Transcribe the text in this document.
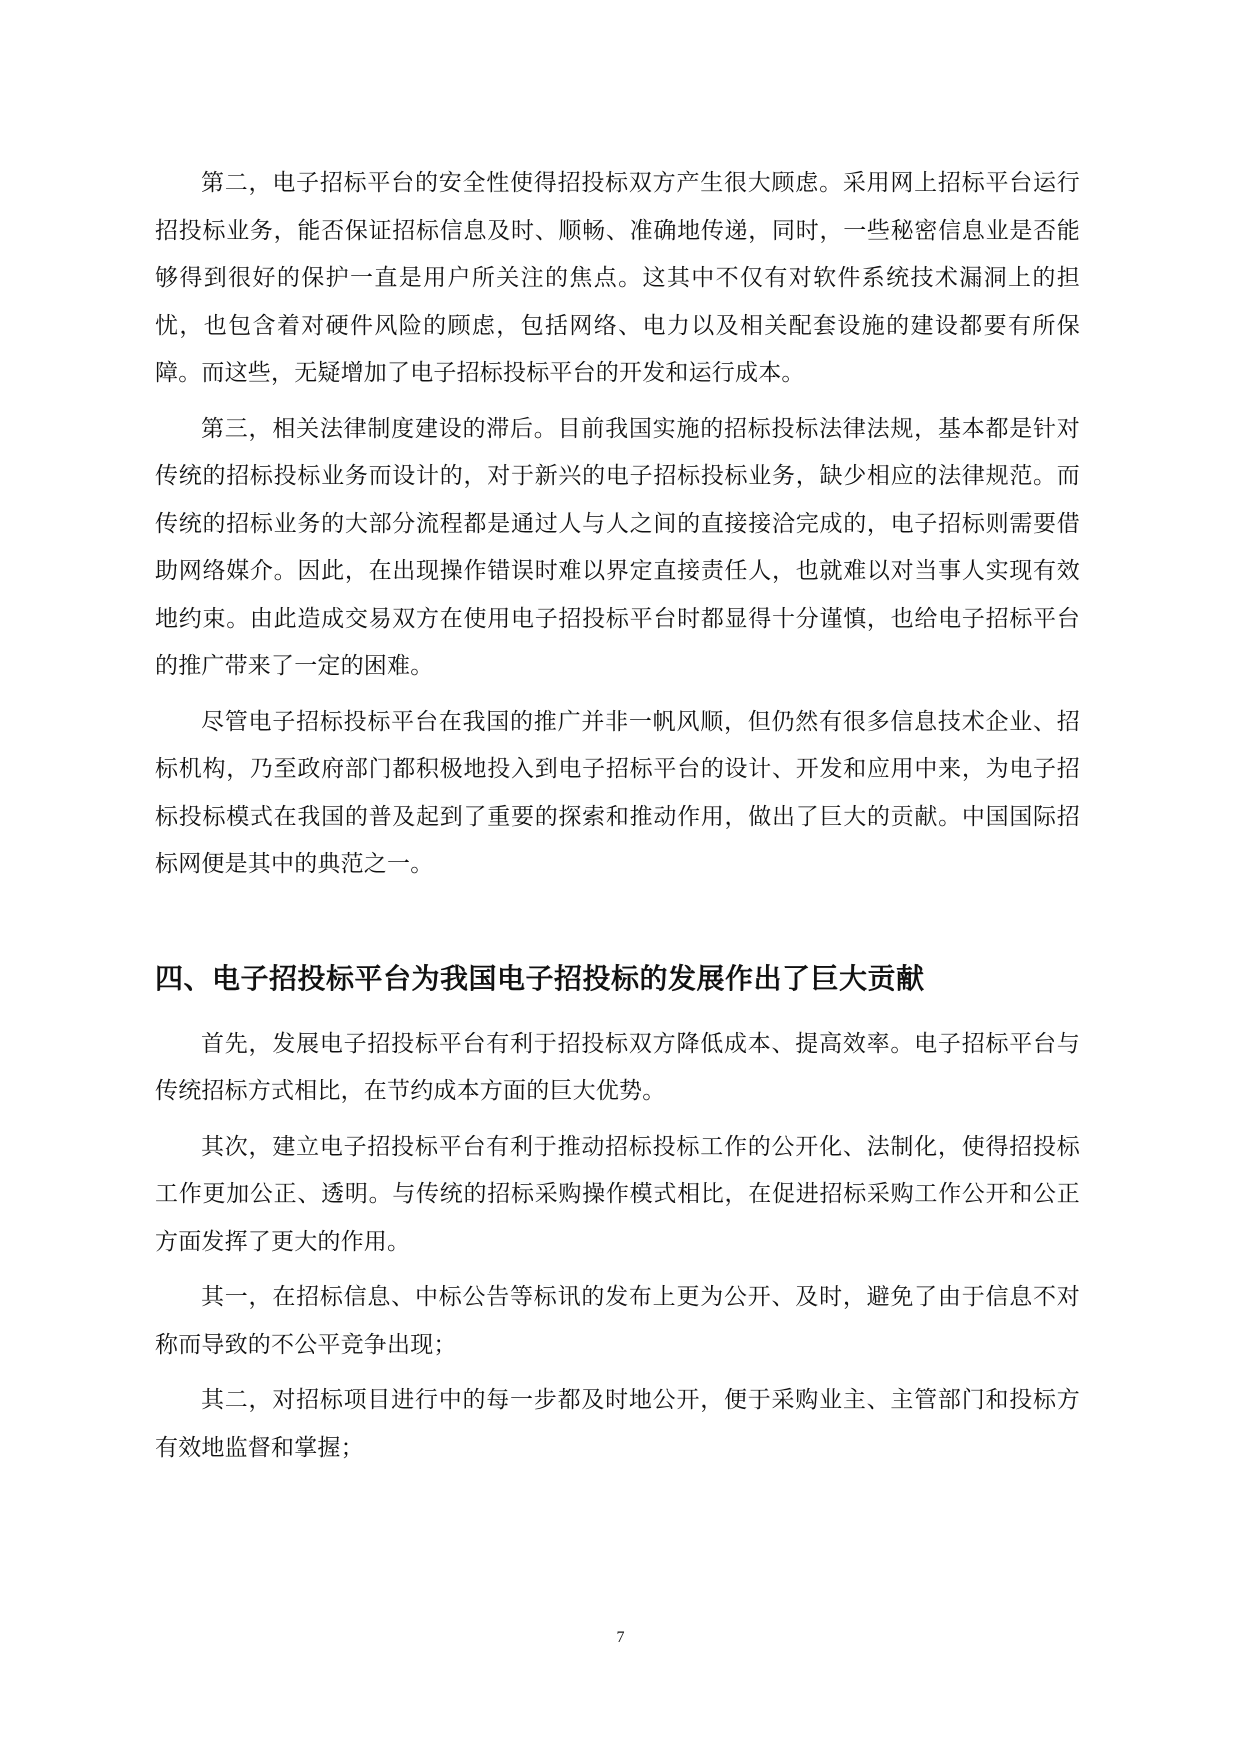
第二，电子招标平台的安全性使得招投标双方产生很大顾虑。采用网上招标平台运行招投标业务，能否保证招标信息及时、顺畅、准确地传递，同时，一些秘密信息业是否能够得到很好的保护一直是用户所关注的焦点。这其中不仅有对软件系统技术漏洞上的担忧，也包含着对硬件风险的顾虑，包括网络、电力以及相关配套设施的建设都要有所保障。而这些，无疑增加了电子招标投标平台的开发和运行成本。

第三，相关法律制度建设的滞后。目前我国实施的招标投标法律法规，基本都是针对传统的招标投标业务而设计的，对于新兴的电子招标投标业务，缺少相应的法律规范。而传统的招标业务的大部分流程都是通过人与人之间的直接接洽完成的，电子招标则需要借助网络媒介。因此，在出现操作错误时难以界定直接责任人，也就难以对当事人实现有效地约束。由此造成交易双方在使用电子招投标平台时都显得十分谨慎，也给电子招标平台的推广带来了一定的困难。

尽管电子招标投标平台在我国的推广并非一帆风顺，但仍然有很多信息技术企业、招标机构，乃至政府部门都积极地投入到电子招标平台的设计、开发和应用中来，为电子招标投标模式在我国的普及起到了重要的探索和推动作用，做出了巨大的贡献。中国国际招标网便是其中的典范之一。

四、电子招投标平台为我国电子招投标的发展作出了巨大贡献

首先，发展电子招投标平台有利于招投标双方降低成本、提高效率。电子招标平台与传统招标方式相比，在节约成本方面的巨大优势。

其次，建立电子招投标平台有利于推动招标投标工作的公开化、法制化，使得招投标工作更加公正、透明。与传统的招标采购操作模式相比，在促进招标采购工作公开和公正方面发挥了更大的作用。

其一，在招标信息、中标公告等标讯的发布上更为公开、及时，避免了由于信息不对称而导致的不公平竞争出现；

其二，对招标项目进行中的每一步都及时地公开，便于采购业主、主管部门和投标方有效地监督和掌握；

7
